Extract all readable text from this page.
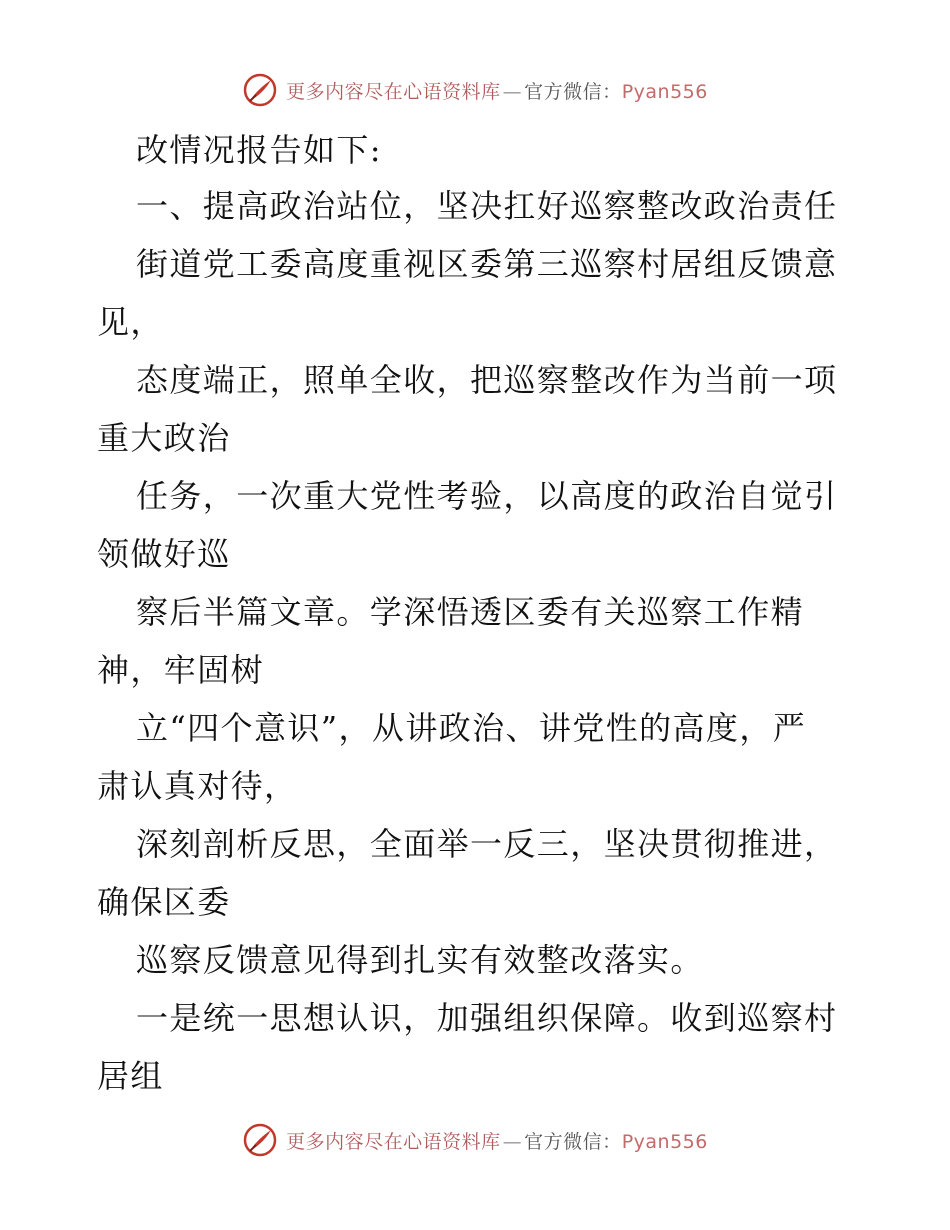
更多内容尽在心语资料库 — 官方微信：Pyan556
改情况报告如下:
一、提高政治站位，坚决扛好巡察整改政治责任
街道党工委高度重视区委第三巡察村居组反馈意
见，
态度端正，照单全收，把巡察整改作为当前一项
重大政治
任务，一次重大党性考验，以高度的政治自觉引
领做好巡
察后半篇文章。学深悟透区委有关巡察工作精
神，牢固树
立“四个意识”，从讲政治、讲党性的高度，严
肃认真对待，
深刻剖析反思，全面举一反三，坚决贯彻推进，
确保区委
巡察反馈意见得到扎实有效整改落实。
一是统一思想认识，加强组织保障。收到巡察村
居组
更多内容尽在心语资料库 — 官方微信：Pyan556
